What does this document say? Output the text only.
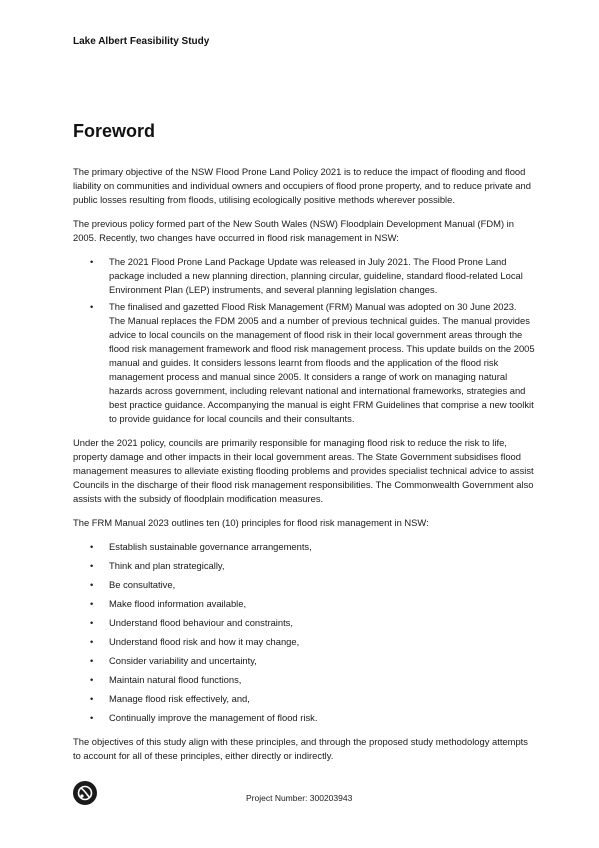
Lake Albert Feasibility Study
Foreword

The primary objective of the NSW Flood Prone Land Policy 2021 is to reduce the impact of flooding and flood liability on communities and individual owners and occupiers of flood prone property, and to reduce private and public losses resulting from floods, utilising ecologically positive methods wherever possible.

The previous policy formed part of the New South Wales (NSW) Floodplain Development Manual (FDM) in 2005. Recently, two changes have occurred in flood risk management in NSW:

• The 2021 Flood Prone Land Package Update was released in July 2021. The Flood Prone Land package included a new planning direction, planning circular, guideline, standard flood-related Local Environment Plan (LEP) instruments, and several planning legislation changes.
• The finalised and gazetted Flood Risk Management (FRM) Manual was adopted on 30 June 2023. The Manual replaces the FDM 2005 and a number of previous technical guides. The manual provides advice to local councils on the management of flood risk in their local government areas through the flood risk management framework and flood risk management process. This update builds on the 2005 manual and guides. It considers lessons learnt from floods and the application of the flood risk management process and manual since 2005. It considers a range of work on managing natural hazards across government, including relevant national and international frameworks, strategies and best practice guidance. Accompanying the manual is eight FRM Guidelines that comprise a new toolkit to provide guidance for local councils and their consultants.

Under the 2021 policy, councils are primarily responsible for managing flood risk to reduce the risk to life, property damage and other impacts in their local government areas. The State Government subsidises flood management measures to alleviate existing flooding problems and provides specialist technical advice to assist Councils in the discharge of their flood risk management responsibilities. The Commonwealth Government also assists with the subsidy of floodplain modification measures.

The FRM Manual 2023 outlines ten (10) principles for flood risk management in NSW:

• Establish sustainable governance arrangements,
• Think and plan strategically,
• Be consultative,
• Make flood information available,
• Understand flood behaviour and constraints,
• Understand flood risk and how it may change,
• Consider variability and uncertainty,
• Maintain natural flood functions,
• Manage flood risk effectively, and,
• Continually improve the management of flood risk.

The objectives of this study align with these principles, and through the proposed study methodology attempts to account for all of these principles, either directly or indirectly.

Project Number: 300203943
